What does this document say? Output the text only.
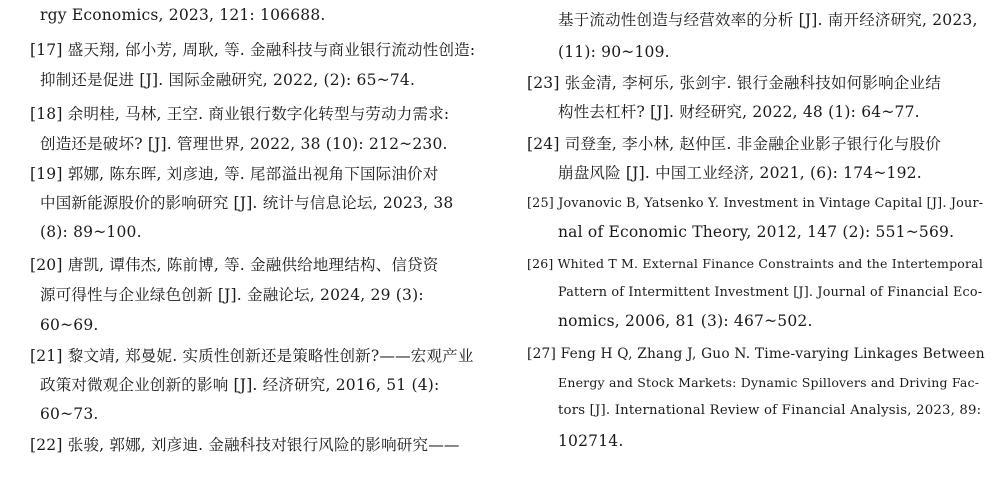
rgy Economics, 2023, 121: 106688.
[17] 盛天翔, 邰小芳, 周耿, 等. 金融科技与商业银行流动性创造:
抑制还是促进 [J]. 国际金融研究, 2022, (2): 65~74.
[18] 余明桂, 马林, 王空. 商业银行数字化转型与劳动力需求:
创造还是破坏? [J]. 管理世界, 2022, 38 (10): 212~230.
[19] 郭娜, 陈东晖, 刘彦迪, 等. 尾部溢出视角下国际油价对
中国新能源股价的影响研究 [J]. 统计与信息论坛, 2023, 38
(8): 89~100.
[20] 唐凯, 谭伟杰, 陈前博, 等. 金融供给地理结构、信贷资
源可得性与企业绿色创新 [J]. 金融论坛, 2024, 29 (3):
60~69.
[21] 黎文靖, 郑曼妮. 实质性创新还是策略性创新?——宏观产业
政策对微观企业创新的影响 [J]. 经济研究, 2016, 51 (4):
60~73.
[22] 张骏, 郭娜, 刘彦迪. 金融科技对银行风险的影响研究——
基于流动性创造与经营效率的分析 [J]. 南开经济研究, 2023,
(11): 90~109.
[23] 张金清, 李柯乐, 张剑宇. 银行金融科技如何影响企业结
构性去杠杆? [J]. 财经研究, 2022, 48 (1): 64~77.
[24] 司登奎, 李小林, 赵仲匡. 非金融企业影子银行化与股价
崩盘风险 [J]. 中国工业经济, 2021, (6): 174~192.
[25] Jovanovic B, Yatsenko Y. Investment in Vintage Capital [J]. Jour-
nal of Economic Theory, 2012, 147 (2): 551~569.
[26] Whited T M. External Finance Constraints and the Intertemporal
Pattern of Intermittent Investment [J]. Journal of Financial Eco-
nomics, 2006, 81 (3): 467~502.
[27] Feng H Q, Zhang J, Guo N. Time-varying Linkages Between
Energy and Stock Markets: Dynamic Spillovers and Driving Fac-
tors [J]. International Review of Financial Analysis, 2023, 89:
102714.
